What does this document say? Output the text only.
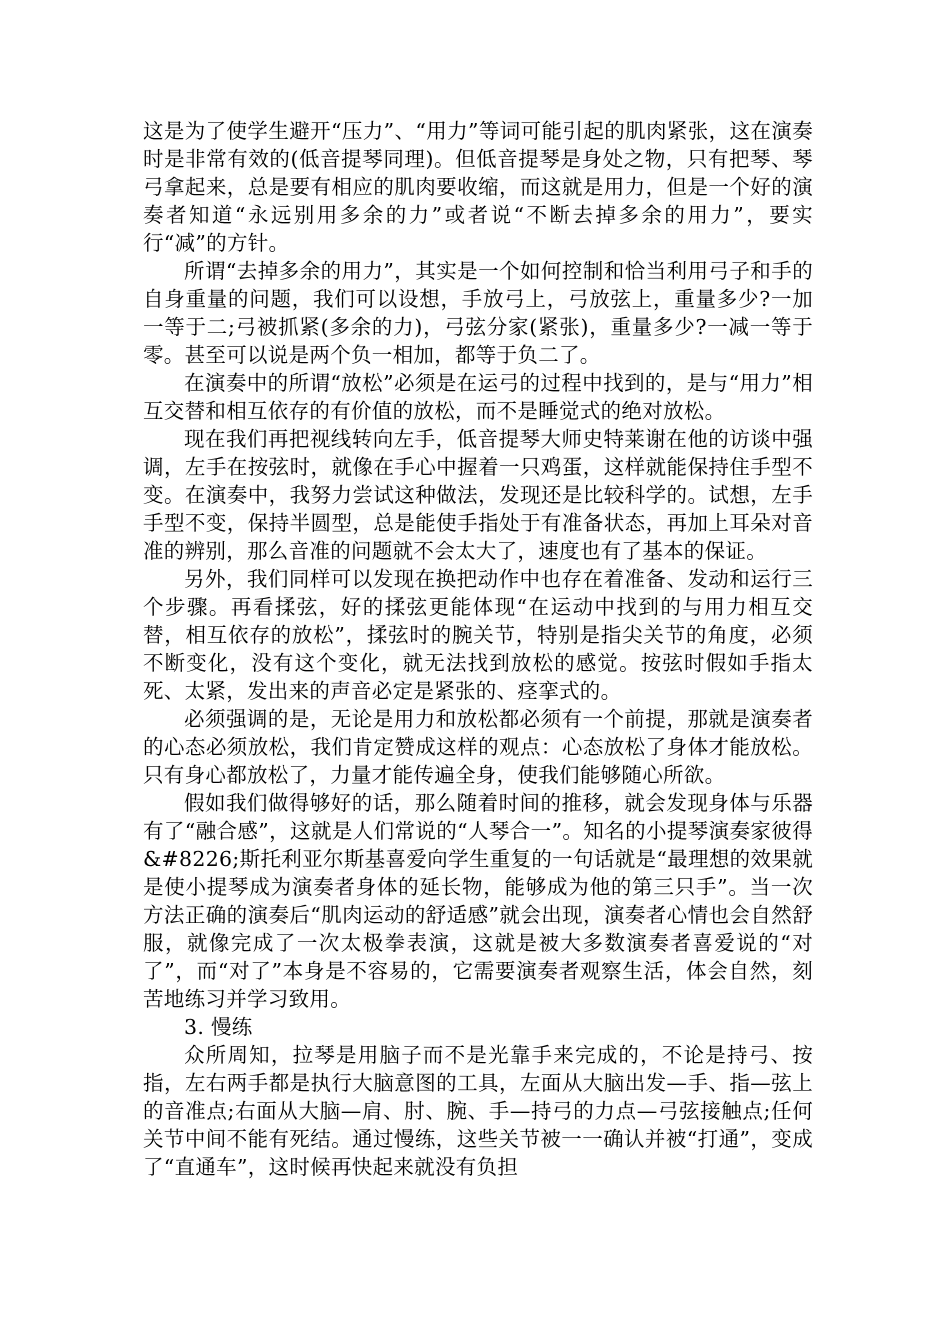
这是为了使学生避开“压力”、“用力”等词可能引起的肌肉紧张，这在演奏时是非常有效的(低音提琴同理)。但低音提琴是身处之物，只有把琴、琴弓拿起来，总是要有相应的肌肉要收缩，而这就是用力，但是一个好的演奏者知道“永远别用多余的力”或者说“不断去掉多余的用力”，要实行“减”的方针。

所谓“去掉多余的用力”，其实是一个如何控制和恰当利用弓子和手的自身重量的问题，我们可以设想，手放弓上，弓放弦上，重量多少?一加一等于二;弓被抓紧(多余的力)，弓弦分家(紧张)，重量多少?一减一等于零。甚至可以说是两个负一相加，都等于负二了。

在演奏中的所谓“放松”必须是在运弓的过程中找到的，是与“用力”相互交替和相互依存的有价值的放松，而不是睡觉式的绝对放松。

现在我们再把视线转向左手，低音提琴大师史特莱谢在他的访谈中强调，左手在按弦时，就像在手心中握着一只鸡蛋，这样就能保持住手型不变。在演奏中，我努力尝试这种做法，发现还是比较科学的。试想，左手手型不变，保持半圆型，总是能使手指处于有准备状态，再加上耳朵对音准的辨别，那么音准的问题就不会太大了，速度也有了基本的保证。

另外，我们同样可以发现在换把动作中也存在着准备、发动和运行三个步骤。再看揉弦，好的揉弦更能体现“在运动中找到的与用力相互交替，相互依存的放松”，揉弦时的腕关节，特别是指尖关节的角度，必须不断变化，没有这个变化，就无法找到放松的感觉。按弦时假如手指太死、太紧，发出来的声音必定是紧张的、痉挛式的。

必须强调的是，无论是用力和放松都必须有一个前提，那就是演奏者的心态必须放松，我们肯定赞成这样的观点：心态放松了身体才能放松。只有身心都放松了，力量才能传遍全身，使我们能够随心所欲。

假如我们做得够好的话，那么随着时间的推移，就会发现身体与乐器有了“融合感”，这就是人们常说的“人琴合一”。知名的小提琴演奏家彼得&#8226;斯托利亚尔斯基喜爱向学生重复的一句话就是“最理想的效果就是使小提琴成为演奏者身体的延长物，能够成为他的第三只手”。当一次方法正确的演奏后“肌肉运动的舒适感”就会出现，演奏者心情也会自然舒服，就像完成了一次太极拳表演，这就是被大多数演奏者喜爱说的“对了”，而“对了”本身是不容易的，它需要演奏者观察生活，体会自然，刻苦地练习并学习致用。

3. 慢练

众所周知，拉琴是用脑子而不是光靠手来完成的，不论是持弓、按指，左右两手都是执行大脑意图的工具，左面从大脑出发—手、指—弦上的音准点;右面从大脑—肩、肘、腕、手—持弓的力点—弓弦接触点;任何关节中间不能有死结。通过慢练，这些关节被一一确认并被“打通”，变成了“直通车”，这时候再快起来就没有负担
